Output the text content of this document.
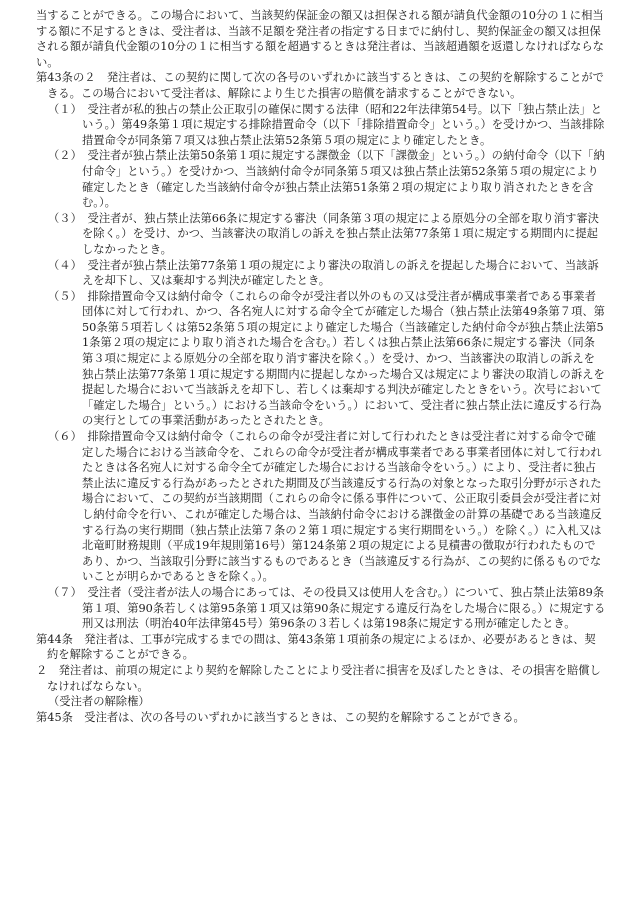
当することができる。この場合において、当該契約保証金の額又は担保される額が請負代金額の10分の１に相当する額に不足するときは、受注者は、当該不足額を発注者の指定する日までに納付し、契約保証金の額又は担保される額が請負代金額の10分の１に相当する額を超過するときは発注者は、当該超過額を返還しなければならない。

第43条の２　発注者は、この契約に関して次の各号のいずれかに該当するときは、この契約を解除することができる。この場合において受注者は、解除により生じた損害の賠償を請求することができない。

（１）　受注者が私的独占の禁止公正取引の確保に関する法律（昭和22年法律第54号。以下「独占禁止法」という。）第49条第１項に規定する排除措置命令（以下「排除措置命令」という。）を受けかつ、当該排除措置命令が同条第７項又は独占禁止法第52条第５項の規定により確定したとき。

（２）　受注者が独占禁止法第50条第１項に規定する課徴金（以下「課徴金」という。）の納付命令（以下「納付命令」という。）を受けかつ、当該納付命令が同条第５項又は独占禁止法第52条第５項の規定により確定したとき（確定した当該納付命令が独占禁止法第51条第２項の規定により取り消されたときを含む。）。

（３）　受注者が、独占禁止法第66条に規定する審決（同条第３項の規定による原処分の全部を取り消す審決を除く。）を受け、かつ、当該審決の取消しの訴えを独占禁止法第77条第１項に規定する期間内に提起しなかったとき。

（４）　受注者が独占禁止法第77条第１項の規定により審決の取消しの訴えを提起した場合において、当該訴えを却下し、又は棄却する判決が確定したとき。

（５）　排除措置命令又は納付命令（これらの命令が受注者以外のもの又は受注者が構成事業者である事業者団体に対して行われ、かつ、各名宛人に対する命令全てが確定した場合（独占禁止法第49条第７項、第50条第５項若しくは第52条第５項の規定により確定した場合（当該確定した納付命令が独占禁止法第51条第２項の規定により取り消された場合を含む。）若しくは独占禁止法第66条に規定する審決（同条第３項に規定による原処分の全部を取り消す審決を除く。）を受け、かつ、当該審決の取消しの訴えを独占禁止法第77条第１項に規定する期間内に提起しなかった場合又は規定により審決の取消しの訴えを提起した場合において当該訴えを却下し、若しくは棄却する判決が確定したときをいう。次号において「確定した場合」という。）における当該命令をいう。）において、受注者に独占禁止法に違反する行為の実行としての事業活動があったとされたとき。

（６）　排除措置命令又は納付命令（これらの命令が受注者に対して行われたときは受注者に対する命令で確定した場合における当該命令を、これらの命令が受注者が構成事業者である事業者団体に対して行われたときは各名宛人に対する命令全てが確定した場合における当該命令をいう。）により、受注者に独占禁止法に違反する行為があったとされた期間及び当該違反する行為の対象となった取引分野が示された場合において、この契約が当該期間（これらの命令に係る事件について、公正取引委員会が受注者に対し納付命令を行い、これが確定した場合は、当該納付命令における課徴金の計算の基礎である当該違反する行為の実行期間（独占禁止法第７条の２第１項に規定する実行期間をいう。）を除く。）に入札又は北竜町財務規則（平成19年規則第16号）第124条第２項の規定による見積書の徴取が行われたものであり、かつ、当該取引分野に該当するものであるとき（当該違反する行為が、この契約に係るものでないことが明らかであるときを除く。）。

（７）　受注者（受注者が法人の場合にあっては、その役員又は使用人を含む。）について、独占禁止法第89条第１項、第90条若しくは第95条第１項又は第90条に規定する違反行為をした場合に限る。）に規定する刑又は刑法（明治40年法律第45号）第96条の３若しくは第198条に規定する刑が確定したとき。

第44条　発注者は、工事が完成するまでの間は、第43条第１項前条の規定によるほか、必要があるときは、契約を解除することができる。

２　発注者は、前項の規定により契約を解除したことにより受注者に損害を及ぼしたときは、その損害を賠償しなければならない。

（受注者の解除権）

第45条　受注者は、次の各号のいずれかに該当するときは、この契約を解除することができる。
